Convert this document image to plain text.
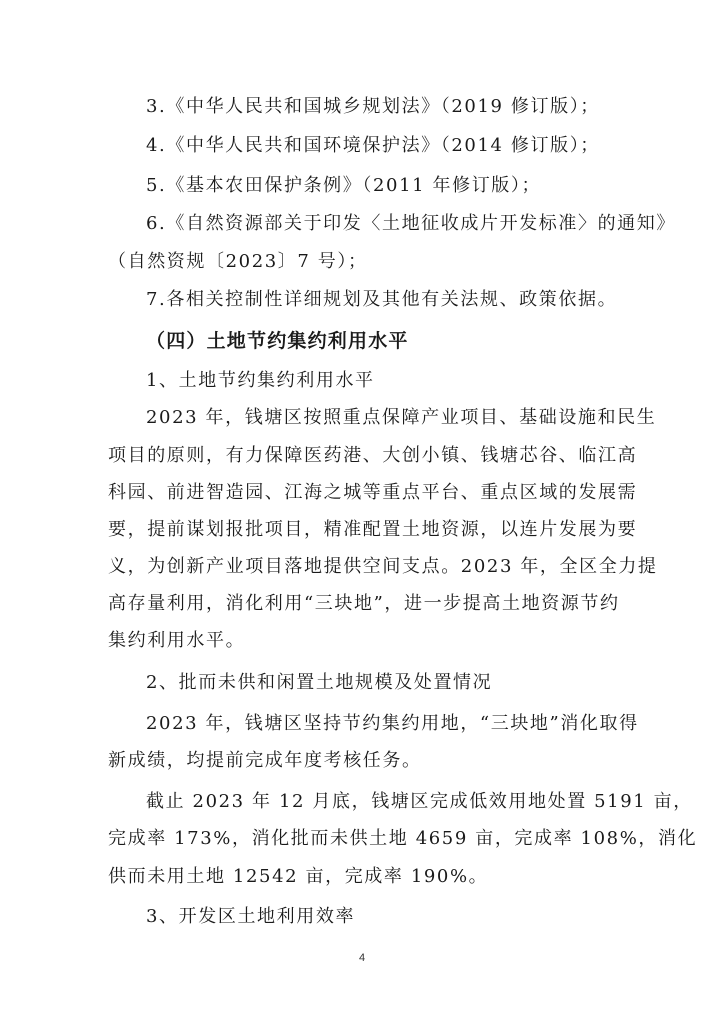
3.《中华人民共和国城乡规划法》（2019 修订版）；
4.《中华人民共和国环境保护法》（2014 修订版）；
5.《基本农田保护条例》（2011 年修订版）；
6.《自然资源部关于印发〈土地征收成片开发标准〉的通知》
（自然资规〔2023〕7 号）；
7.各相关控制性详细规划及其他有关法规、政策依据。
（四）土地节约集约利用水平
1、土地节约集约利用水平
2023 年，钱塘区按照重点保障产业项目、基础设施和民生
项目的原则，有力保障医药港、大创小镇、钱塘芯谷、临江高
科园、前进智造园、江海之城等重点平台、重点区域的发展需
要，提前谋划报批项目，精准配置土地资源，以连片发展为要
义，为创新产业项目落地提供空间支点。2023 年，全区全力提
高存量利用，消化利用“三块地”，进一步提高土地资源节约
集约利用水平。
2、批而未供和闲置土地规模及处置情况
2023 年，钱塘区坚持节约集约用地，“三块地”消化取得
新成绩，均提前完成年度考核任务。
截止 2023 年 12 月底，钱塘区完成低效用地处置 5191 亩，
完成率 173%，消化批而未供土地 4659 亩，完成率 108%，消化
供而未用土地 12542 亩，完成率 190%。
3、开发区土地利用效率
4
